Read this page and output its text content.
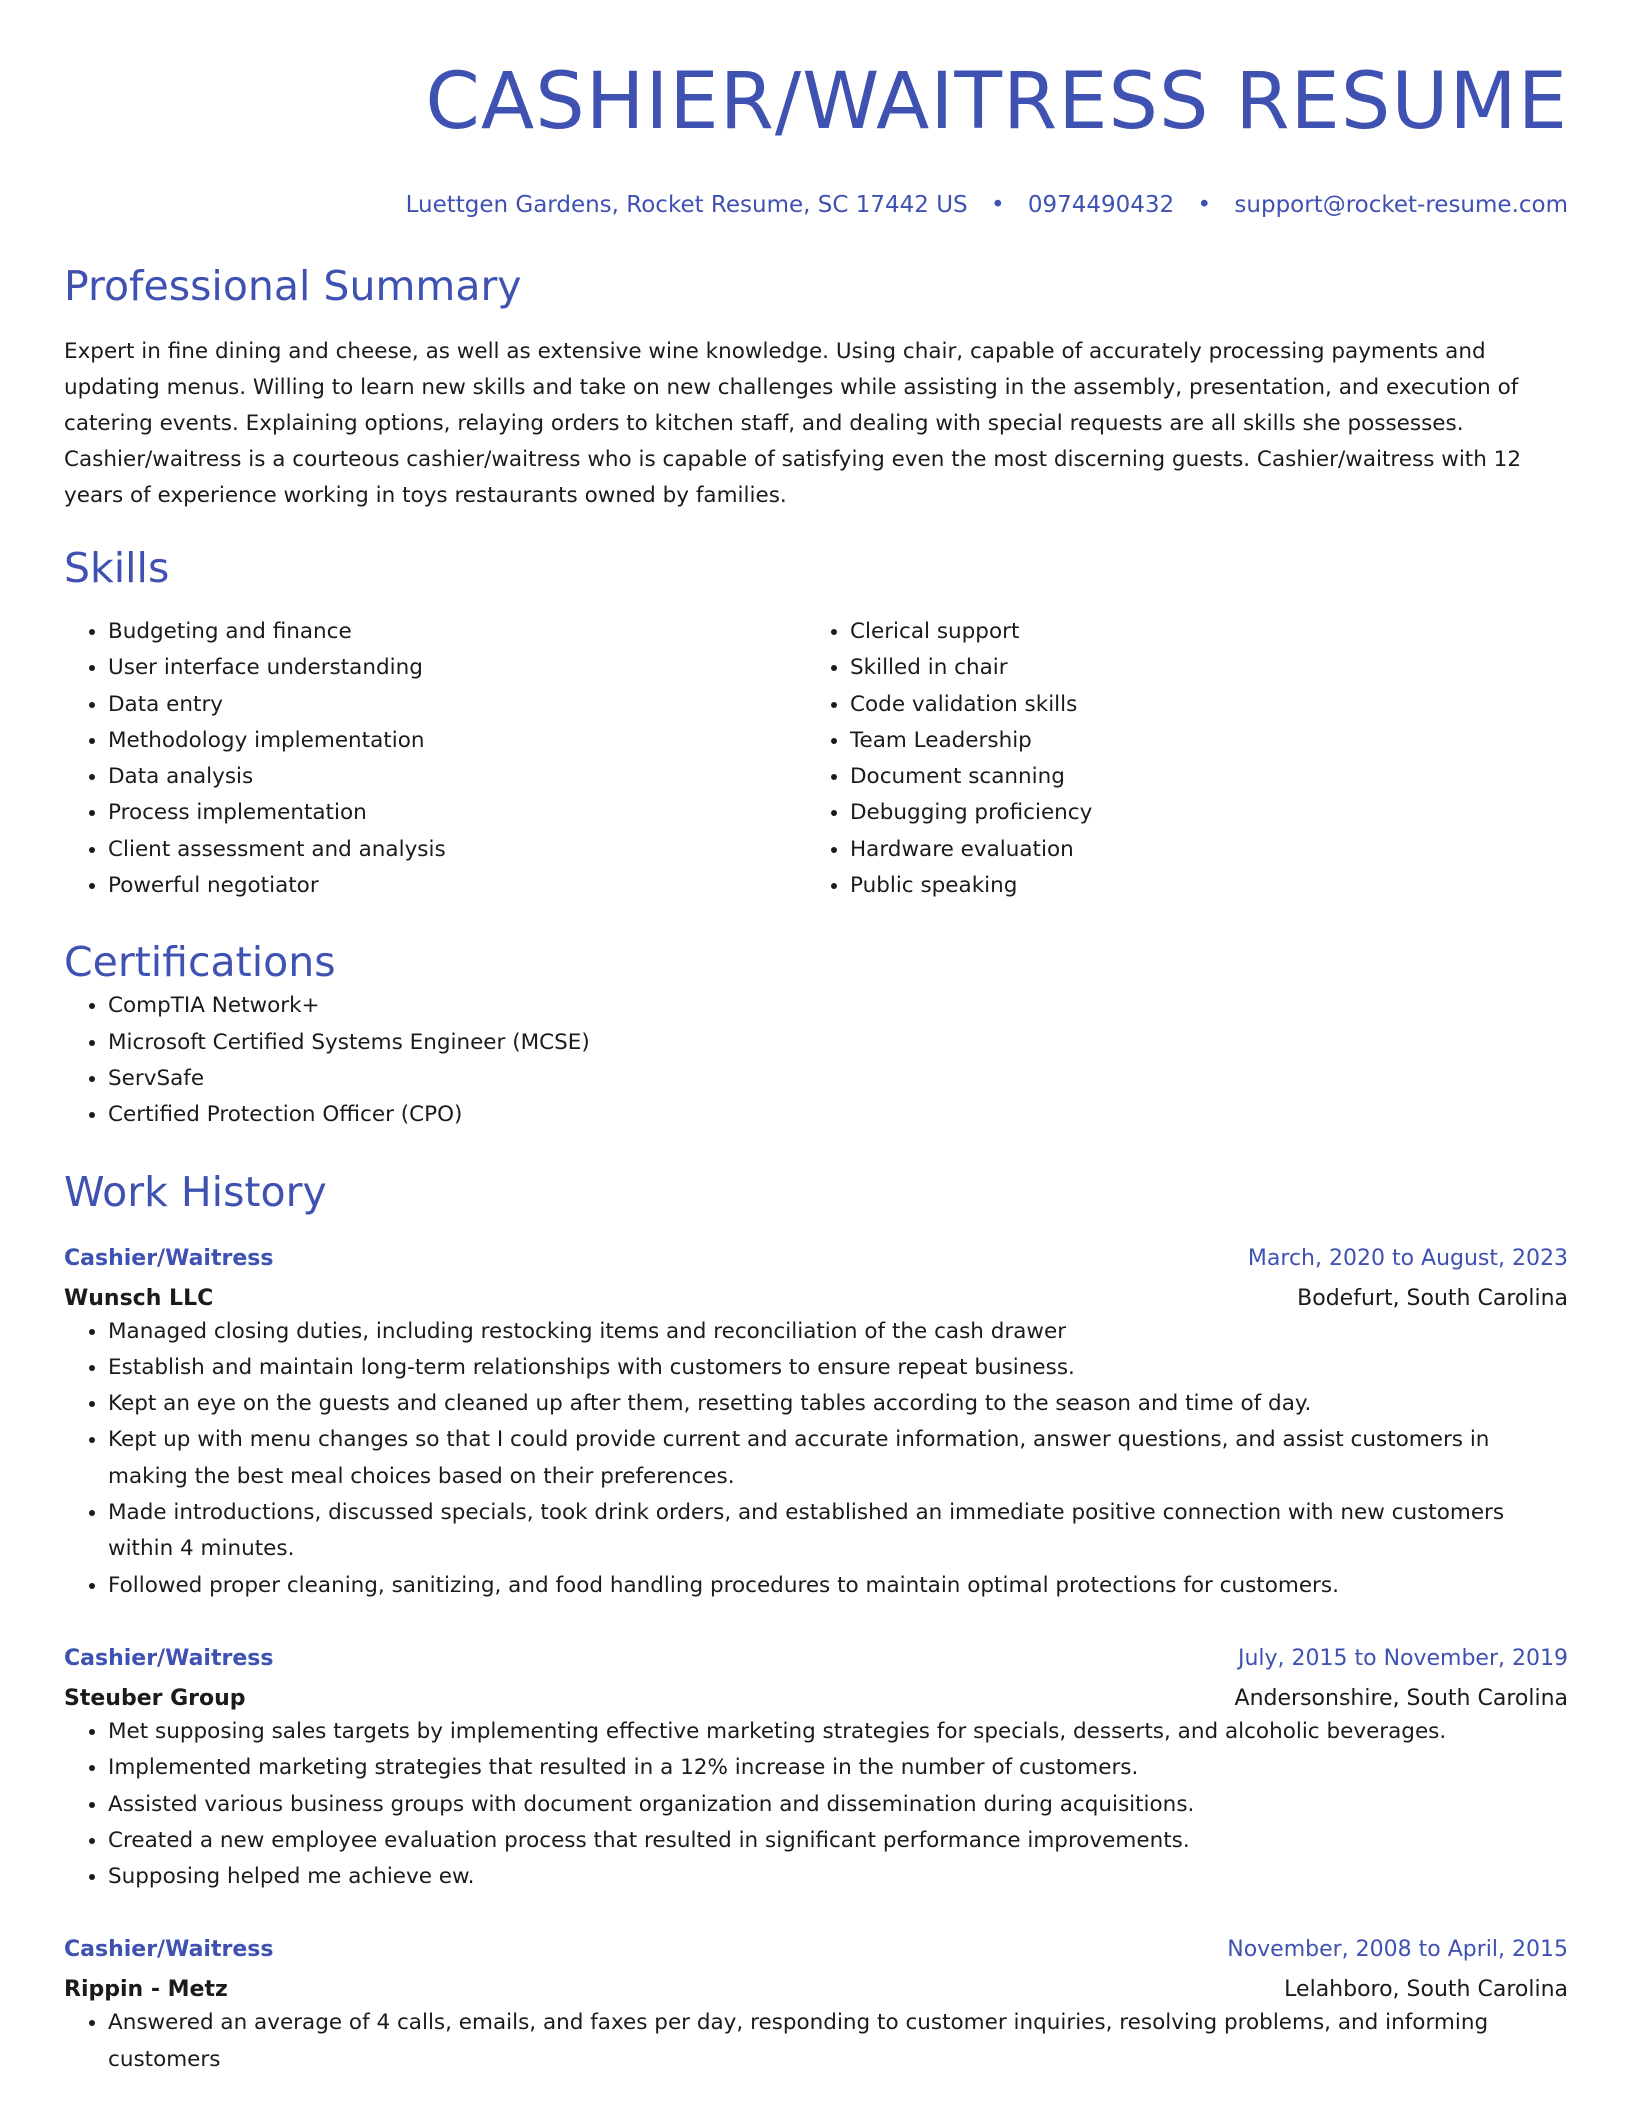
CASHIER/WAITRESS RESUME
Luettgen Gardens, Rocket Resume, SC 17442 US • 0974490432 • support@rocket-resume.com
Professional Summary

Expert in fine dining and cheese, as well as extensive wine knowledge. Using chair, capable of accurately processing payments and updating menus. Willing to learn new skills and take on new challenges while assisting in the assembly, presentation, and execution of catering events. Explaining options, relaying orders to kitchen staff, and dealing with special requests are all skills she possesses. Cashier/waitress is a courteous cashier/waitress who is capable of satisfying even the most discerning guests. Cashier/waitress with 12 years of experience working in toys restaurants owned by families.

Skills
• Budgeting and finance
• User interface understanding
• Data entry
• Methodology implementation
• Data analysis
• Process implementation
• Client assessment and analysis
• Powerful negotiator
• Clerical support
• Skilled in chair
• Code validation skills
• Team Leadership
• Document scanning
• Debugging proficiency
• Hardware evaluation
• Public speaking
Certifications
• CompTIA Network+
• Microsoft Certified Systems Engineer (MCSE)
• ServSafe
• Certified Protection Officer (CPO)
Work History
Cashier/Waitress	March, 2020 to August, 2023
Wunsch LLC	Bodefurt, South Carolina
• Managed closing duties, including restocking items and reconciliation of the cash drawer
• Establish and maintain long-term relationships with customers to ensure repeat business.
• Kept an eye on the guests and cleaned up after them, resetting tables according to the season and time of day.
• Kept up with menu changes so that I could provide current and accurate information, answer questions, and assist customers in making the best meal choices based on their preferences.
• Made introductions, discussed specials, took drink orders, and established an immediate positive connection with new customers within 4 minutes.
• Followed proper cleaning, sanitizing, and food handling procedures to maintain optimal protections for customers.
Cashier/Waitress	July, 2015 to November, 2019
Steuber Group	Andersonshire, South Carolina
• Met supposing sales targets by implementing effective marketing strategies for specials, desserts, and alcoholic beverages.
• Implemented marketing strategies that resulted in a 12% increase in the number of customers.
• Assisted various business groups with document organization and dissemination during acquisitions.
• Created a new employee evaluation process that resulted in significant performance improvements.
• Supposing helped me achieve ew.
Cashier/Waitress	November, 2008 to April, 2015
Rippin - Metz	Lelahboro, South Carolina
• Answered an average of 4 calls, emails, and faxes per day, responding to customer inquiries, resolving problems, and informing customers
